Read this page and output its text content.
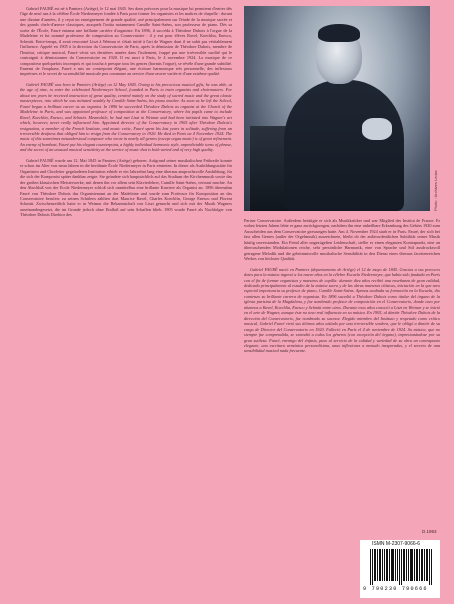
Gabriel FAURÉ est né à Pamiers (Ariège), le 12 mai 1845. Ses dons précoces pour la musique lui permirent d'entrer dès l'âge de neuf ans à la célèbre École Niedermeyer fondée à Paris pour former les organistes et les maîtres de chapelle : durant une dizaine d'années, il y reçut un enseignement de grande qualité, axé principalement sur l'étude de la musique sacrée et des grands chefs-d'œuvre classiques, auxquels l'initia notamment Camille Saint-Saëns, son professeur de piano. Dès sa sortie de l'École, Fauré entama une brillante carrière d'organiste. En 1896, il succéda à Théodore Dubois à l'orgue de la Madeleine et fut nommé professeur de composition au Conservatoire : il y eut pour élèves Ravel, Koechlin, Enesco, Schmitt. Entre-temps, il avait rencontré Liszt à Weimar et s'était initié à l'art de Wagner dont il ne subit pas véritablement l'influence. Appelé en 1905 à la direction du Conservatoire de Paris, après la démission de Théodore Dubois, membre de l'Institut, critique musical, Fauré vécut ses dernières années dans l'isolement, frappé par une irréversible surdité qui le contraignit à démissionner du Conservatoire en 1920. Il est mort à Paris, le 4 novembre 1924. La musique de ce compositeur quelquefois incompris et qui toucha à presque tous les genres (hormis l'orgue), se révèle d'une grande subtilité. Ennemi de l'emphase, Fauré a mis un contrepoint élégant, une écriture harmonique très personnelle, des inflexions imprévues et le secret de sa sensibilité musicale peu commune au service d'une œuvre variée et d'une extrême qualité.

Gabriel FAURÉ was born in Pamiers (Ariège) on 12 May 1845. Owing to his precocious musical gifts, he was able, at the age of nine, to enter the celebrated Niedermeyer School, founded in Paris to train organists and choirmasters. For about ten years he received instruction of great quality, centred mainly on the study of sacred music and the great classic masterpieces, into which he was initiated notably by Camille Saint-Saëns, his piano teacher. As soon as he left the School, Fauré began a brilliant career as an organist. In 1896 he succeeded Théodore Dubois as organist at the Church of the Madeleine in Paris, and was appointed professor of composition at the Conservatory, where his pupils came to include Ravel, Koechlin, Enesco, and Schmitt. Meanwhile, he had met Liszt in Weimar and had been initiated into Wagner's art which, however, never really influenced him. Appointed director of the Conservatory in 1905 after Théodore Dubois's resignation, a member of the French Institute, and music critic, Fauré spent his last years in solitude, suffering from an irreversible deafness that obliged him to resign from the Conservatory in 1920. He died in Paris on 4 November 1924. The music of this sometimes misunderstood composer who wrote in nearly all genres (except organ music) is of great refinement. An enemy of bombast, Fauré put his elegant counterpoint, a highly individual harmonic style, unpredictable turns of phrase, and the secret of an unusual musical sensitivity at the service of music that is both varied and of very high quality.

Gabriel FAURÉ wurde am 12. Mai 1845 in Pamiers (Ariège) geboren. Aufgrund seiner musikalischen Frühreife konnte er schon im Alter von neun Jahren in die berühmte École Niedermeyer in Paris eintreten. In dieser als Ausbildungsstätte für Organisten und Chorleiter gegründeten Institution erhielt er ein Jahrzehnt lang eine überaus anspruchsvolle Ausbildung, für die sich der Komponist später dankbar zeigte. Sie gründete sich hauptsächlich auf das Studium der Kirchenmusik sowie das der großen klassischen Meisterwerke, mit denen ihn vor allem sein Klavierlehrer, Camille Saint-Saëns, vertraut machte. An den Abschluß von der Ecole Niedermeyer schloß sich unmittelbar eine brillante Karriere als Organist an. 1896 übernahm Fauré von Théodore Dubois das Organistenamt an der Madeleine und wurde zum Professor für Komposition an das Conservatoire berufen: zu seinen Schülern zählten dort Maurice Ravel, Charles Koechlin, George Enescu und Florent Schmitt. Zwischenzeitlich hatte er in Weimar die Bekanntschaft von Liszt gemacht und sich mit der Musik Wagners auseinandergesetzt, die im Grunde jedoch ohne Einfluß auf sein Schaffen blieb. 1905 wurde Fauré als Nachfolger von Théodore Dubois Direktor des

Photo : Archives Leduc

Pariser Conservatoire. Außerdem betätigte er sich als Musikkritiker und war Mitglied des Institut de France. Er wohnt letzten Jahren lebte er ganz zurückgezogen, nachdem ihn eine unheilbare Erkrankung des Gehörs 1920 zum Ausscheiden aus dem Conservatoire gezwungen hatte. Am 4. November 1924 starb er in Paris. Fauré, der sich bei fast allen Genres (außer der Orgelmusik) auszeichnete, bleibt ob der außerordentlichen Subtilität seiner Musik häufig unverstanden. Ein Feind aller ungezügelten Leidenschaft, stellte er einen eleganten Kontrapunkt, eine an überraschenden Modulationen reiche, sehr persönliche Harmonik, eine von Sprache und Stil ausdrucksvoll getragene Melodik und die geheimnisvolle musikalische Sensibilität in den Dienst eines überaus facettenreichen Werkes von höchster Qualität.

Gabriel FAURÉ nació en Pamiers (departamento de Ariège) el 12 de mayo de 1845. Gracias a sus precoces dotes para la música ingresó a los nueve años en la célebre Escuela Niedermeyer, que había sido fundada en París con el fin de formar organistas y maestros de capilla: durante diez años recibió una enseñanza de gran calidad, dedicada principalmente al estudio de la música sacra y de las obras maestras clásicas, iniciación en la que tuvo especial importancia su profesor de piano, Camille Saint-Saëns. Apenas acabada su formación en la Escuela, dio comienzo su brillante carrera de organista. En 1896 sucedió a Théodore Dubois como titular del órgano de la iglesia parisina de la Magdalena, y fue nombrado profesor de composición en el Conservatorio, donde tuvo por alumnos a Ravel, Koechlin, Enesco y Schmitt entre otros. Durante esos años conoció a Liszt en Weimar y se inició en el arte de Wagner, aunque éste no tuvo real influencia en su música. En 1905, al dimitir Théodore Dubois de la dirección del Conservatorio, fue nombrado su sucesor. Elegido miembro del Instituto y respetado como crítico musical, Gabriel Fauré vivió sus últimos años aislado por una irreversible sordera, que le obligó a dimitir de su cargo de Director del Conservatorio en 1920. Falleció en París el 4 de noviembre de 1924. Su música, que no siempre fue comprendida, se extendió a todos los géneros (con excepción del órgano), impresionándose por su gran sutileza. Fauré, enemigo del énfasis, puso al servicio de la calidad y variedad de su obra un contrapunto elegante, una escritura armónica personalísima, unas inflexiones a menudo inesperadas, y el secreto de una sensibilidad musical nada frecuente.

D.1993
ISMN M-2307-9066-6
9 790230 790666
